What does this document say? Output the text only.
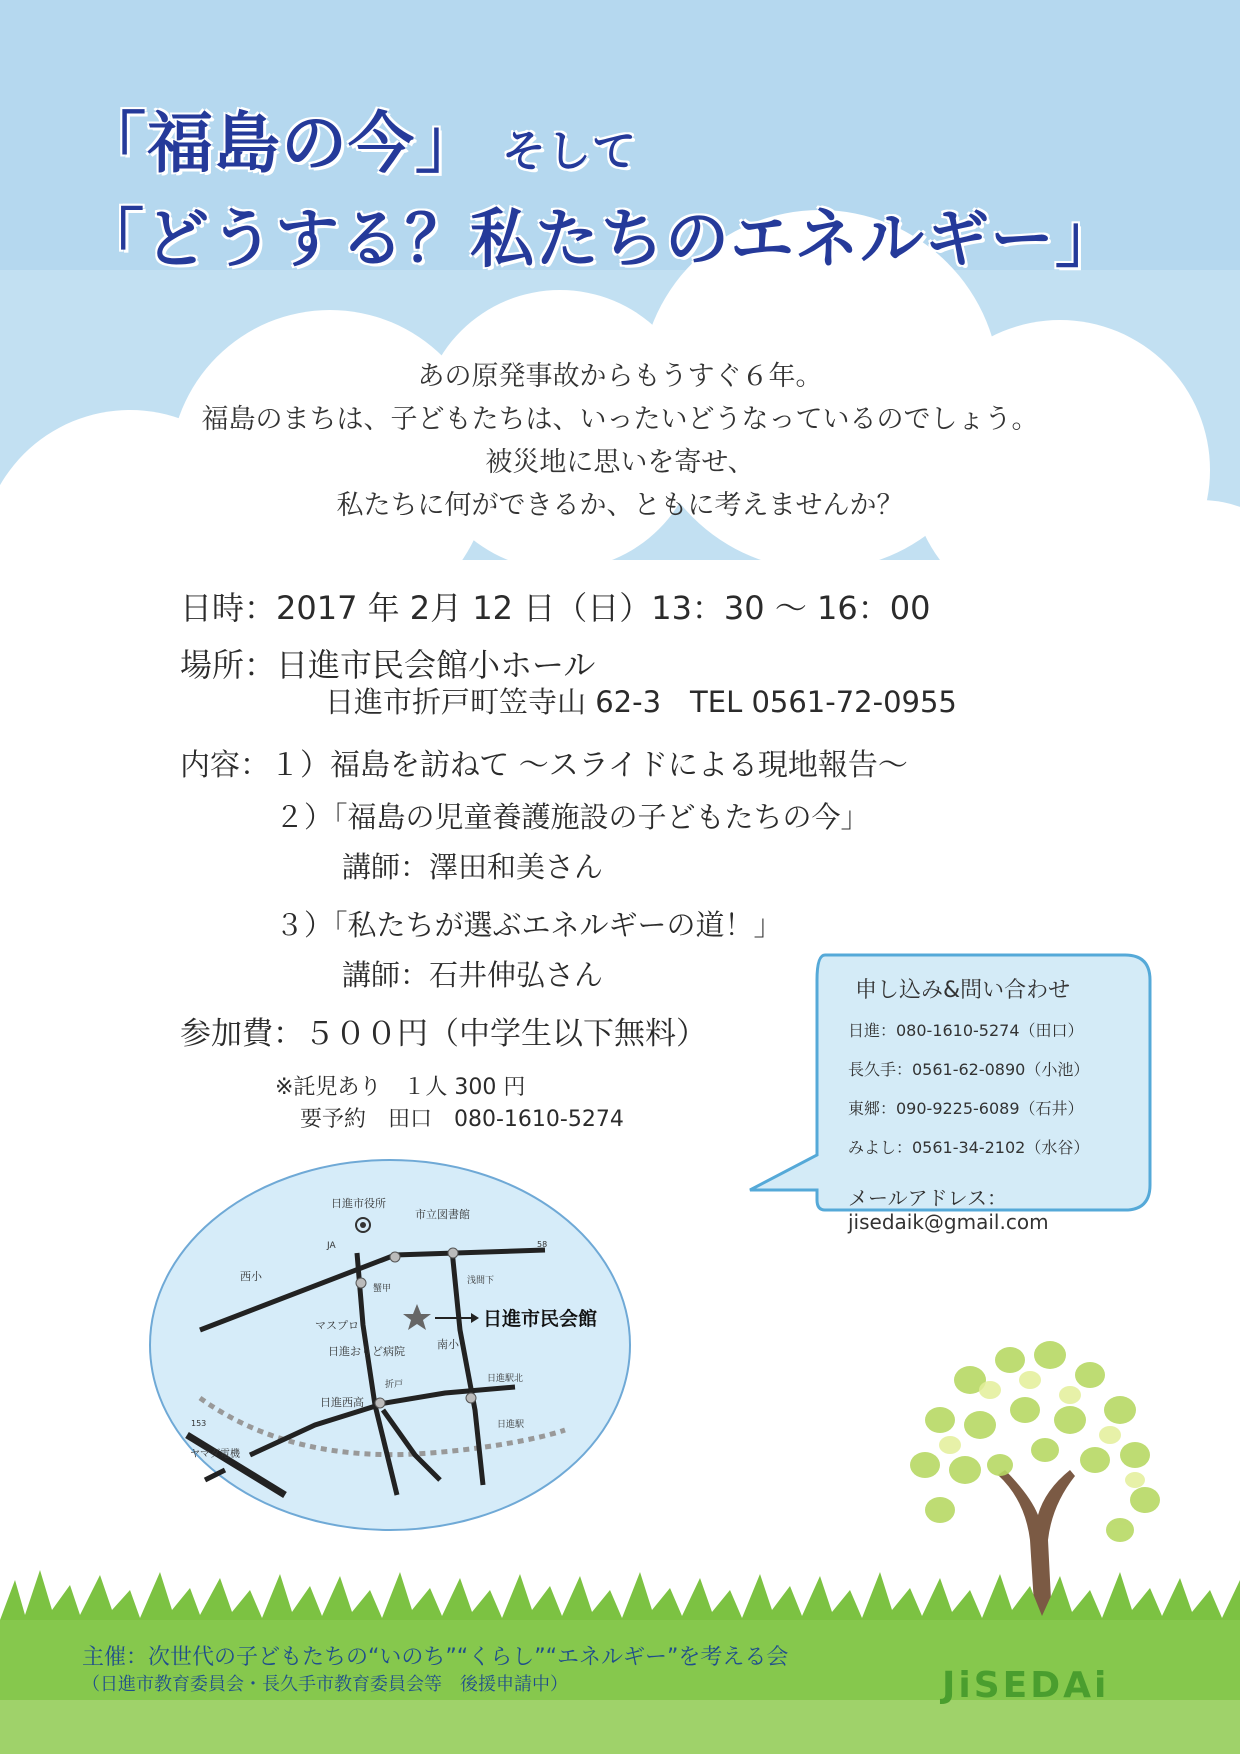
「福島の今」 そして
「どうする？私たちのエネルギー」
あの原発事故からもうすぐ６年。
福島のまちは、子どもたちは、いったいどうなっているのでしょう。
被災地に思いを寄せ、
私たちに何ができるか、ともに考えませんか？
日時：2017 年 2月 12 日（日）13：30 ～ 16：00
場所：日進市民会館小ホール
日進市折戸町笠寺山 62-3　TEL 0561-72-0955
内容：１）福島を訪ねて ～スライドによる現地報告～
２）「福島の児童養護施設の子どもたちの今」
講師：澤田和美さん
３）「私たちが選ぶエネルギーの道！」
講師：石井伸弘さん
参加費：５００円（中学生以下無料）
※託児あり　１人 300 円
要予約　田口　080-1610-5274
申し込み&問い合わせ
日進：080-1610-5274（田口）
長久手：0561-62-0890（小池）
東郷：090-9225-6089（石井）
みよし：0561-34-2102（水谷）
メールアドレス：
jisedaik@gmail.com
日進市役所
市立図書館
西小
マスプロ
蟹甲
浅間下
日進市民会館
日進おりど病院
南小
日進西高
折戸
日進駅北
日進駅
ヤマダ電機
JA
153
58
主催：次世代の子どもたちの“いのち”“くらし”“エネルギー”を考える会
（日進市教育委員会・長久手市教育委員会等　後援申請中）	JiSEDAi
